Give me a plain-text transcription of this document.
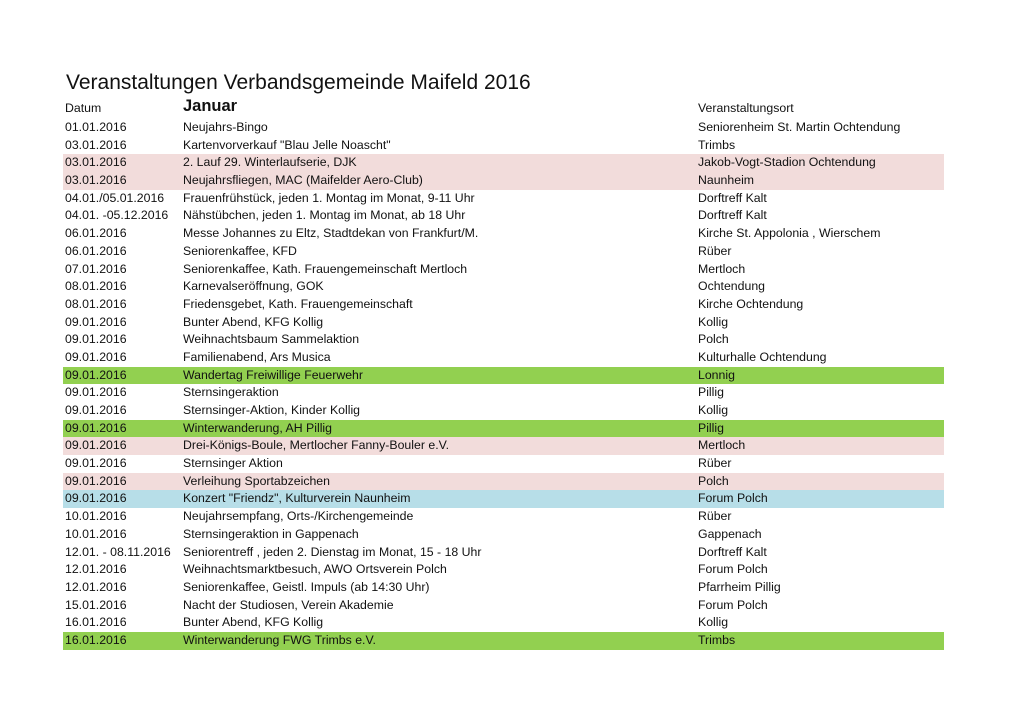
Veranstaltungen Verbandsgemeinde Maifeld 2016
Datum	Januar	Veranstaltungsort
01.01.2016	Neujahrs-Bingo	Seniorenheim St. Martin Ochtendung
03.01.2016	Kartenvorverkauf "Blau Jelle Noascht"	Trimbs
03.01.2016	2. Lauf 29. Winterlaufserie, DJK	Jakob-Vogt-Stadion Ochtendung
03.01.2016	Neujahrsfliegen, MAC (Maifelder Aero-Club)	Naunheim
04.01./05.01.2016 Frauenfrühstück, jeden 1. Montag im Monat, 9-11 Uhr	Dorftreff Kalt
04.01. -05.12.2016 Nähstübchen, jeden 1. Montag im Monat, ab 18 Uhr	Dorftreff Kalt
06.01.2016	Messe Johannes zu Eltz, Stadtdekan von Frankfurt/M.	Kirche St. Appolonia , Wierschem
06.01.2016	Seniorenkaffee, KFD	Rüber
07.01.2016	Seniorenkaffee, Kath. Frauengemeinschaft Mertloch	Mertloch
08.01.2016	Karnevalseröffnung, GOK	Ochtendung
08.01.2016	Friedensgebet, Kath. Frauengemeinschaft	Kirche Ochtendung
09.01.2016	Bunter Abend, KFG Kollig	Kollig
09.01.2016	Weihnachtsbaum Sammelaktion	Polch
09.01.2016	Familienabend, Ars Musica	Kulturhalle Ochtendung
09.01.2016	Wandertag Freiwillige Feuerwehr	Lonnig
09.01.2016	Sternsingeraktion	Pillig
09.01.2016	Sternsinger-Aktion, Kinder Kollig	Kollig
09.01.2016	Winterwanderung, AH Pillig	Pillig
09.01.2016	Drei-Königs-Boule, Mertlocher Fanny-Bouler e.V.	Mertloch
09.01.2016	Sternsinger Aktion	Rüber
09.01.2016	Verleihung Sportabzeichen	Polch
09.01.2016	Konzert "Friendz", Kulturverein Naunheim	Forum Polch
10.01.2016	Neujahrsempfang, Orts-/Kirchengemeinde	Rüber
10.01.2016	Sternsingeraktion in Gappenach	Gappenach
12.01. - 08.11.2016 Seniorentreff , jeden 2. Dienstag im Monat, 15 - 18 Uhr	Dorftreff Kalt
12.01.2016	Weihnachtsmarktbesuch, AWO Ortsverein Polch	Forum Polch
12.01.2016	Seniorenkaffee, Geistl. Impuls (ab 14:30 Uhr)	Pfarrheim Pillig
15.01.2016	Nacht der Studiosen, Verein Akademie	Forum Polch
16.01.2016	Bunter Abend, KFG Kollig	Kollig
16.01.2016	Winterwanderung FWG Trimbs e.V.	Trimbs
